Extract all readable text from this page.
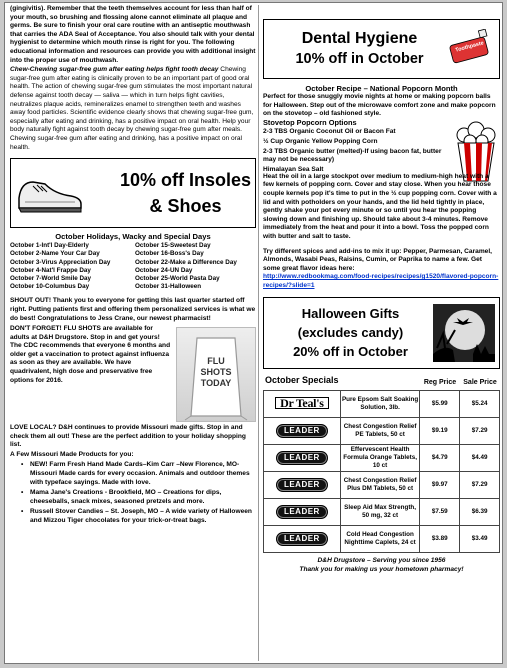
(gingivitis). Remember that the teeth themselves account for less than half of your mouth, so brushing and flossing alone cannot eliminate all plaque and germs. Be sure to finish your oral care routine with an antiseptic mouthwash that carries the ADA Seal of Acceptance. You also should talk with your dental hygienist to determine which mouth rinse is right for you. The following educational information and resources can provide you with additional insight into the proper use of mouthwash.
Chew-Chewing sugar-free gum after eating helps fight tooth decay Chewing sugar-free gum after eating is clinically proven to be an important part of good oral health. The action of chewing sugar-free gum stimulates the most important natural defense against tooth decay — saliva — which in turn helps fight cavities, neutralizes plaque acids, remineralizes enamel to strengthen teeth and washes away food particles. Scientific evidence clearly shows that chewing sugar-free gum, especially after eating and drinking, has a positive impact on oral health. Help your body naturally fight against tooth decay by chewing sugar-free gum after meals. Chewing sugar-free gum after eating and drinking, has a positive impact on oral health.
10% off Insoles
& Shoes
October Holidays, Wacky and Special Days
October 1-Int'l Day-Elderly	October 15-Sweetest Day
October 2-Name Your Car Day	October 16-Boss's Day
October 3-Virus Appreciation Day	October 22-Make a Difference Day
October 4-Nat'l Frappe Day	October 24-UN Day
October 7-World Smile Day	October 25-World Pasta Day
October 10-Columbus Day	October 31-Halloween
SHOUT OUT! Thank you to everyone for getting this last quarter started off right. Putting patients first and offering them personalized services is what we do best! Congratulations to Jess Crane, our newest pharmacist!
DON'T FORGET! FLU SHOTS are available for adults at D&H Drugstore. Stop in and get yours! The CDC recommends that everyone 6 months and older get a vaccination to protect against influenza as soon as they are available. We have quadrivalent, high dose and preservative free options for 2016.
FLU
SHOTS
TODAY
LOVE LOCAL? D&H continues to provide Missouri made gifts. Stop in and check them all out! These are the perfect addition to your holiday shopping list.
A Few Missouri Made Products for you:
• NEW! Farm Fresh Hand Made Cards–Kim Carr –New Florence, MO-Missouri Made cards for every occasion. Animals and outdoor themes with typeface sayings. Made with love.
• Mama Jane's Creations - Brookfield, MO – Creations for dips, cheeseballs, snack mixes, seasoned pretzels and more.
• Russell Stover Candies – St. Joseph, MO – A wide variety of Halloween and Mizzou Tiger chocolates for your trick-or-treat bags.
Dental Hygiene
10% off in October
Toothpaste
October Recipe – National Popcorn Month
Perfect for those snuggly movie nights at home or making popcorn balls for Halloween. Step out of the microwave comfort zone and make popcorn on the stovetop – old fashioned style.
Stovetop Popcorn Options
2-3 TBS Organic Coconut Oil or Bacon Fat
½ Cup Organic Yellow Popping Corn
2-3 TBS Organic butter (melted)-If using bacon fat, butter may not be necessary)
Himalayan Sea Salt
Heat the oil in a large stockpot over medium to medium-high heat with a few kernels of popping corn. Cover and stay close. When you hear those couple kernels pop it's time to put in the ½ cup popping corn. Cover with a lid and with potholders on your hands, and the lid held tightly in place, gently shake your pot every minute or so until you hear the popping slowing down and finishing up. Should take about 3-4 minutes. Remove immediately from the heat and pour it into a bowl. Toss the popped corn with butter and salt to taste.
Try different spices and add-ins to mix it up: Pepper, Parmesan, Caramel, Almonds, Wasabi Peas, Raisins, Cumin, or Paprika to name a few. Get some great flavor ideas here:
http://www.redbookmag.com/food-recipes/recipes/g1520/flavored-popcorn-recipes/?slide=1
Halloween Gifts
(excludes candy)
20% off in October
October Specials	Reg Price	Sale Price
Dr Teal's	Pure Epsom Salt Soaking Solution, 3lb.	$5.99	$5.24
LEADER	Chest Congestion Relief PE Tablets, 50 ct	$9.19	$7.29
LEADER	Effervescent Health Formula Orange Tablets, 10 ct	$4.79	$4.49
LEADER	Chest Congestion Relief Plus DM Tablets, 50 ct	$9.97	$7.29
LEADER	Sleep Aid Max Strength, 50 mg, 32 ct	$7.59	$6.39
LEADER	Cold Head Congestion Nighttime Caplets, 24 ct	$3.89	$3.49
D&H Drugstore – Serving you since 1956
Thank you for making us your hometown pharmacy!
